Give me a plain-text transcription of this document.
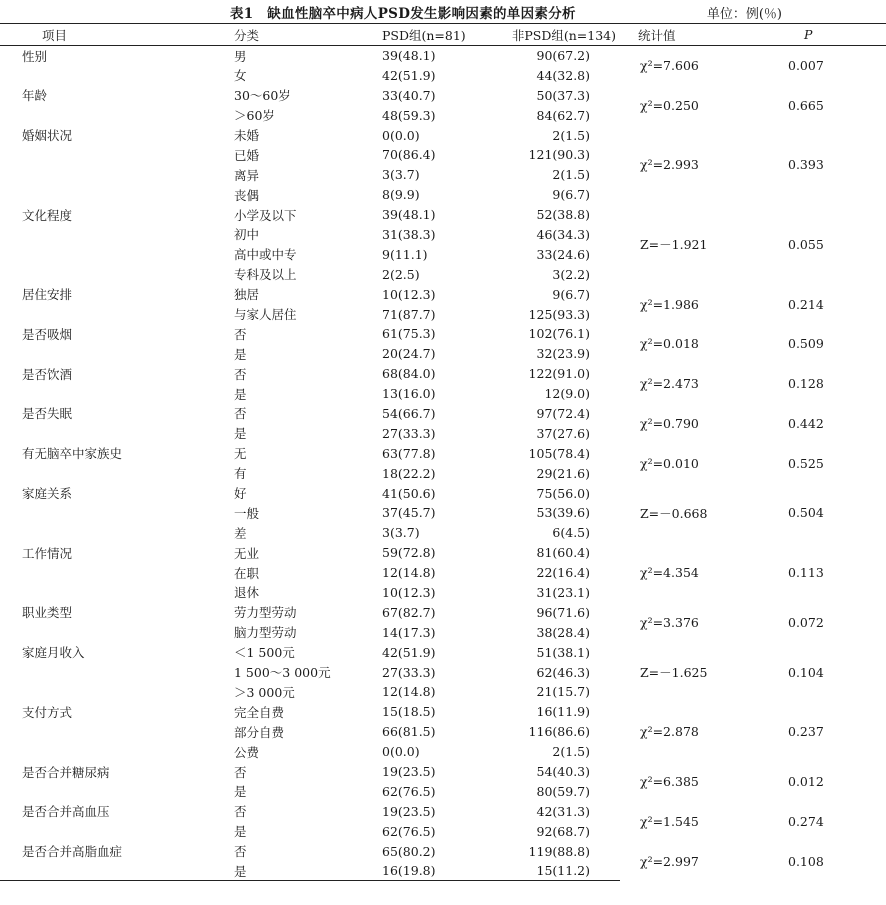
表1　缺血性脑卒中病人PSD发生影响因素的单因素分析	单位：例(％)
项目	分类	PSD组(n=81)	非PSD组(n=134)	统计值	P
性别	男	39(48.1)	90(67.2)	χ²=7.606	0.007
	女	42(51.9)	44(32.8)		
年龄	30～60岁	33(40.7)	50(37.3)	χ²=0.250	0.665
	＞60岁	48(59.3)	84(62.7)		
婚姻状况	未婚	0(0.0)	2(1.5)	χ²=2.993	0.393
	已婚	70(86.4)	121(90.3)		
	离异	3(3.7)	2(1.5)		
	丧偶	8(9.9)	9(6.7)		
文化程度	小学及以下	39(48.1)	52(38.8)	Z=－1.921	0.055
	初中	31(38.3)	46(34.3)		
	高中或中专	9(11.1)	33(24.6)		
	专科及以上	2(2.5)	3(2.2)		
居住安排	独居	10(12.3)	9(6.7)	χ²=1.986	0.214
	与家人居住	71(87.7)	125(93.3)		
是否吸烟	否	61(75.3)	102(76.1)	χ²=0.018	0.509
	是	20(24.7)	32(23.9)		
是否饮酒	否	68(84.0)	122(91.0)	χ²=2.473	0.128
	是	13(16.0)	12(9.0)		
是否失眠	否	54(66.7)	97(72.4)	χ²=0.790	0.442
	是	27(33.3)	37(27.6)		
有无脑卒中家族史	无	63(77.8)	105(78.4)	χ²=0.010	0.525
	有	18(22.2)	29(21.6)		
家庭关系	好	41(50.6)	75(56.0)	Z=－0.668	0.504
	一般	37(45.7)	53(39.6)		
	差	3(3.7)	6(4.5)		
工作情况	无业	59(72.8)	81(60.4)	χ²=4.354	0.113
	在职	12(14.8)	22(16.4)		
	退休	10(12.3)	31(23.1)		
职业类型	劳力型劳动	67(82.7)	96(71.6)	χ²=3.376	0.072
	脑力型劳动	14(17.3)	38(28.4)		
家庭月收入	＜1 500元	42(51.9)	51(38.1)	Z=－1.625	0.104
	1 500～3 000元	27(33.3)	62(46.3)		
	＞3 000元	12(14.8)	21(15.7)		
支付方式	完全自费	15(18.5)	16(11.9)	χ²=2.878	0.237
	部分自费	66(81.5)	116(86.6)		
	公费	0(0.0)	2(1.5)		
是否合并糖尿病	否	19(23.5)	54(40.3)	χ²=6.385	0.012
	是	62(76.5)	80(59.7)		
是否合并高血压	否	19(23.5)	42(31.3)	χ²=1.545	0.274
	是	62(76.5)	92(68.7)		
是否合并高脂血症	否	65(80.2)	119(88.8)	χ²=2.997	0.108
	是	16(19.8)	15(11.2)		
